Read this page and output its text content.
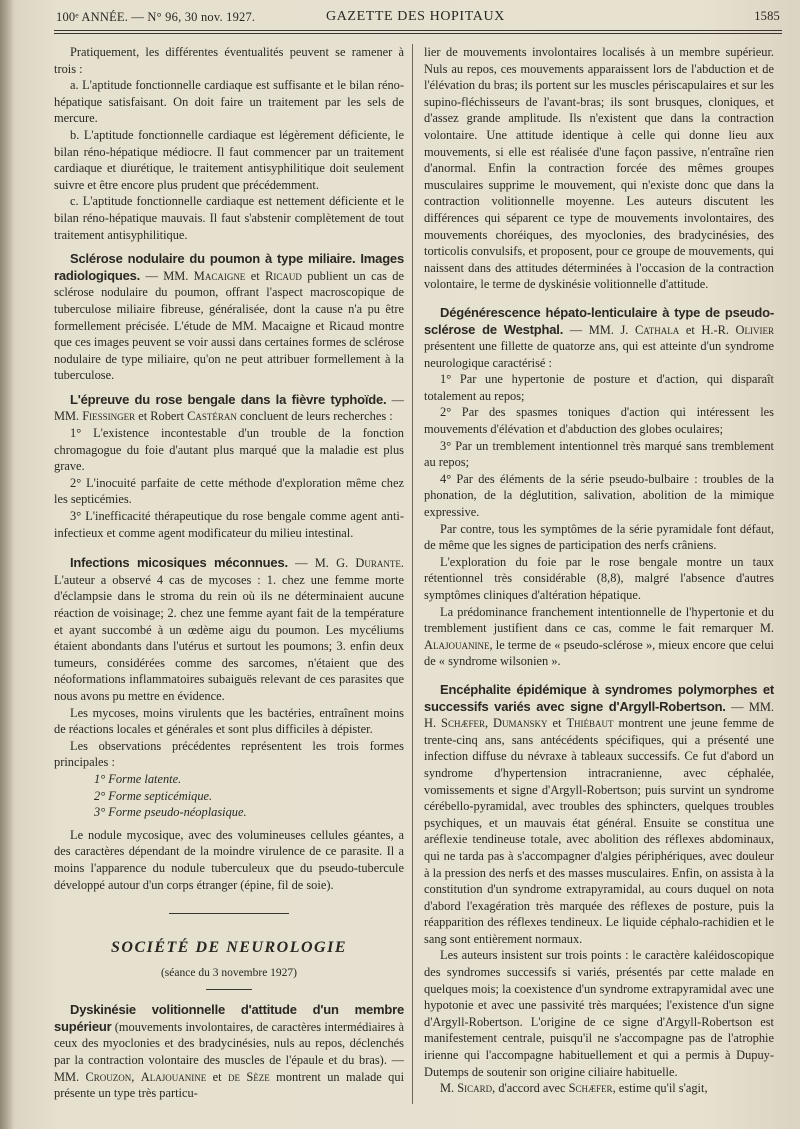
100ᵉ ANNÉE. — N° 96, 30 nov. 1927.	GAZETTE DES HOPITAUX	1585

Pratiquement, les différentes éventualités peuvent se ramener à trois :

a. L'aptitude fonctionnelle cardiaque est suffisante et le bilan réno-hépatique satisfaisant. On doit faire un traitement par les sels de mercure.

b. L'aptitude fonctionnelle cardiaque est légèrement déficiente, le bilan réno-hépatique médiocre. Il faut commencer par un traitement cardiaque et diurétique, le traitement antisyphilitique doit seulement suivre et être encore plus prudent que précédemment.

c. L'aptitude fonctionnelle cardiaque est nettement déficiente et le bilan réno-hépatique mauvais. Il faut s'abstenir complètement de tout traitement antisyphilitique.

Sclérose nodulaire du poumon à type miliaire. Images radiologiques. — MM. Macaigne et Ricaud publient un cas de sclérose nodulaire du poumon, offrant l'aspect macroscopique de tuberculose miliaire fibreuse, généralisée, dont la cause n'a pu être formellement précisée. L'étude de MM. Macaigne et Ricaud montre que ces images peuvent se voir aussi dans certaines formes de sclérose nodulaire de type miliaire, qu'on ne peut attribuer formellement à la tuberculose.

L'épreuve du rose bengale dans la fièvre typhoïde. — MM. Fiessinger et Robert Castéran concluent de leurs recherches :

1° L'existence incontestable d'un trouble de la fonction chromagogue du foie d'autant plus marqué que la maladie est plus grave.

2° L'inocuité parfaite de cette méthode d'exploration même chez les septicémies.

3° L'inefficacité thérapeutique du rose bengale comme agent anti-infectieux et comme agent modificateur du milieu intestinal.

Infections micosiques méconnues. — M. G. Durante. L'auteur a observé 4 cas de mycoses : 1. chez une femme morte d'éclampsie dans le stroma du rein où ils ne déterminaient aucune réaction de voisinage; 2. chez une femme ayant fait de la température et ayant succombé à un œdème aigu du poumon. Les mycéliums étaient abondants dans l'utérus et surtout les poumons; 3. enfin deux tumeurs, considérées comme des sarcomes, n'étaient que des néoformations inflammatoires subaiguës relevant de ces parasites que nous avons pu mettre en évidence.

Les mycoses, moins virulents que les bactéries, entraînent moins de réactions locales et générales et sont plus difficiles à dépister.

Les observations précédentes représentent les trois formes principales :

1° Forme latente.
2° Forme septicémique.
3° Forme pseudo-néoplasique.

Le nodule mycosique, avec des volumineuses cellules géantes, a des caractères dépendant de la moindre virulence de ce parasite. Il a moins l'apparence du nodule tuberculeux que du pseudo-tubercule développé autour d'un corps étranger (épine, fil de soie).

SOCIÉTÉ DE NEUROLOGIE
(séance du 3 novembre 1927)

Dyskinésie volitionnelle d'attitude d'un membre supérieur (mouvements involontaires, de caractères intermédiaires à ceux des myoclonies et des bradycinésies, nuls au repos, déclenchés par la contraction volontaire des muscles de l'épaule et du bras). — MM. Crouzon, Alajouanine et de Sèze montrent un malade qui présente un type très particu-

lier de mouvements involontaires localisés à un membre supérieur. Nuls au repos, ces mouvements apparaissent lors de l'abduction et de l'élévation du bras; ils portent sur les muscles périscapulaires et sur les supino-fléchisseurs de l'avant-bras; ils sont brusques, cloniques, et d'assez grande amplitude. Ils n'existent que dans la contraction volontaire. Une attitude identique à celle qui donne lieu aux mouvements, si elle est réalisée d'une façon passive, n'entraîne rien d'anormal. Enfin la contraction forcée des mêmes groupes musculaires supprime le mouvement, qui n'existe donc que dans la contraction volitionnelle moyenne. Les auteurs discutent les différences qui séparent ce type de mouvements involontaires, des mouvements choréiques, des myoclonies, des bradycinésies, des torticolis convulsifs, et proposent, pour ce groupe de mouvements, qui naissent dans des attitudes déterminées à l'occasion de la contraction volontaire, le terme de dyskinésie volitionnelle d'attitude.

Dégénérescence hépato-lenticulaire à type de pseudo-sclérose de Westphal. — MM. J. Cathala et H.-R. Olivier présentent une fillette de quatorze ans, qui est atteinte d'un syndrome neurologique caractérisé :

1° Par une hypertonie de posture et d'action, qui disparaît totalement au repos;

2° Par des spasmes toniques d'action qui intéressent les mouvements d'élévation et d'abduction des globes oculaires;

3° Par un tremblement intentionnel très marqué sans tremblement au repos;

4° Par des éléments de la série pseudo-bulbaire : troubles de la phonation, de la déglutition, salivation, abolition de la mimique expressive.

Par contre, tous les symptômes de la série pyramidale font défaut, de même que les signes de participation des nerfs crâniens.

L'exploration du foie par le rose bengale montre un taux rétentionnel très considérable (8,8), malgré l'absence d'autres symptômes cliniques d'altération hépatique.

La prédominance franchement intentionnelle de l'hypertonie et du tremblement justifient dans ce cas, comme le fait remarquer M. Alajouanine, le terme de « pseudo-sclérose », mieux encore que celui de « syndrome wilsonien ».

Encéphalite épidémique à syndromes polymorphes et successifs variés avec signe d'Argyll-Robertson. — MM. H. Schæfer, Dumansky et Thiébaut montrent une jeune femme de trente-cinq ans, sans antécédents spécifiques, qui a présenté une infection diffuse du névraxe à tableaux successifs. Ce fut d'abord un syndrome d'hypertension intracranienne, avec céphalée, vomissements et signe d'Argyll-Robertson; puis survint un syndrome cérébello-pyramidal, avec troubles des sphincters, quelques troubles psychiques, et un mauvais état général. Ensuite se constitua une aréflexie tendineuse totale, avec abolition des réflexes abdominaux, qui ne tarda pas à s'accompagner d'algies périphériques, avec douleur à la pression des nerfs et des masses musculaires. Enfin, on assista à la constitution d'un syndrome extrapyramidal, au cours duquel on nota d'abord l'exagération très marquée des réflexes de posture, puis la réapparition des réflexes tendineux. Le liquide céphalo-rachidien et le sang sont entièrement normaux.

Les auteurs insistent sur trois points : le caractère kaléidoscopique des syndromes successifs si variés, présentés par cette malade en quelques mois; la coexistence d'un syndrome extrapyramidal avec une hypotonie et avec une passivité très marquées; l'existence d'un signe d'Argyll-Robertson. L'origine de ce signe d'Argyll-Robertson est manifestement centrale, puisqu'il ne s'accompagne pas de l'atrophie irienne qui l'accompagne habituellement et qui a permis à Dupuy-Dutemps de soutenir son origine ciliaire habituelle.

M. Sicard, d'accord avec Schæfer, estime qu'il s'agit,
